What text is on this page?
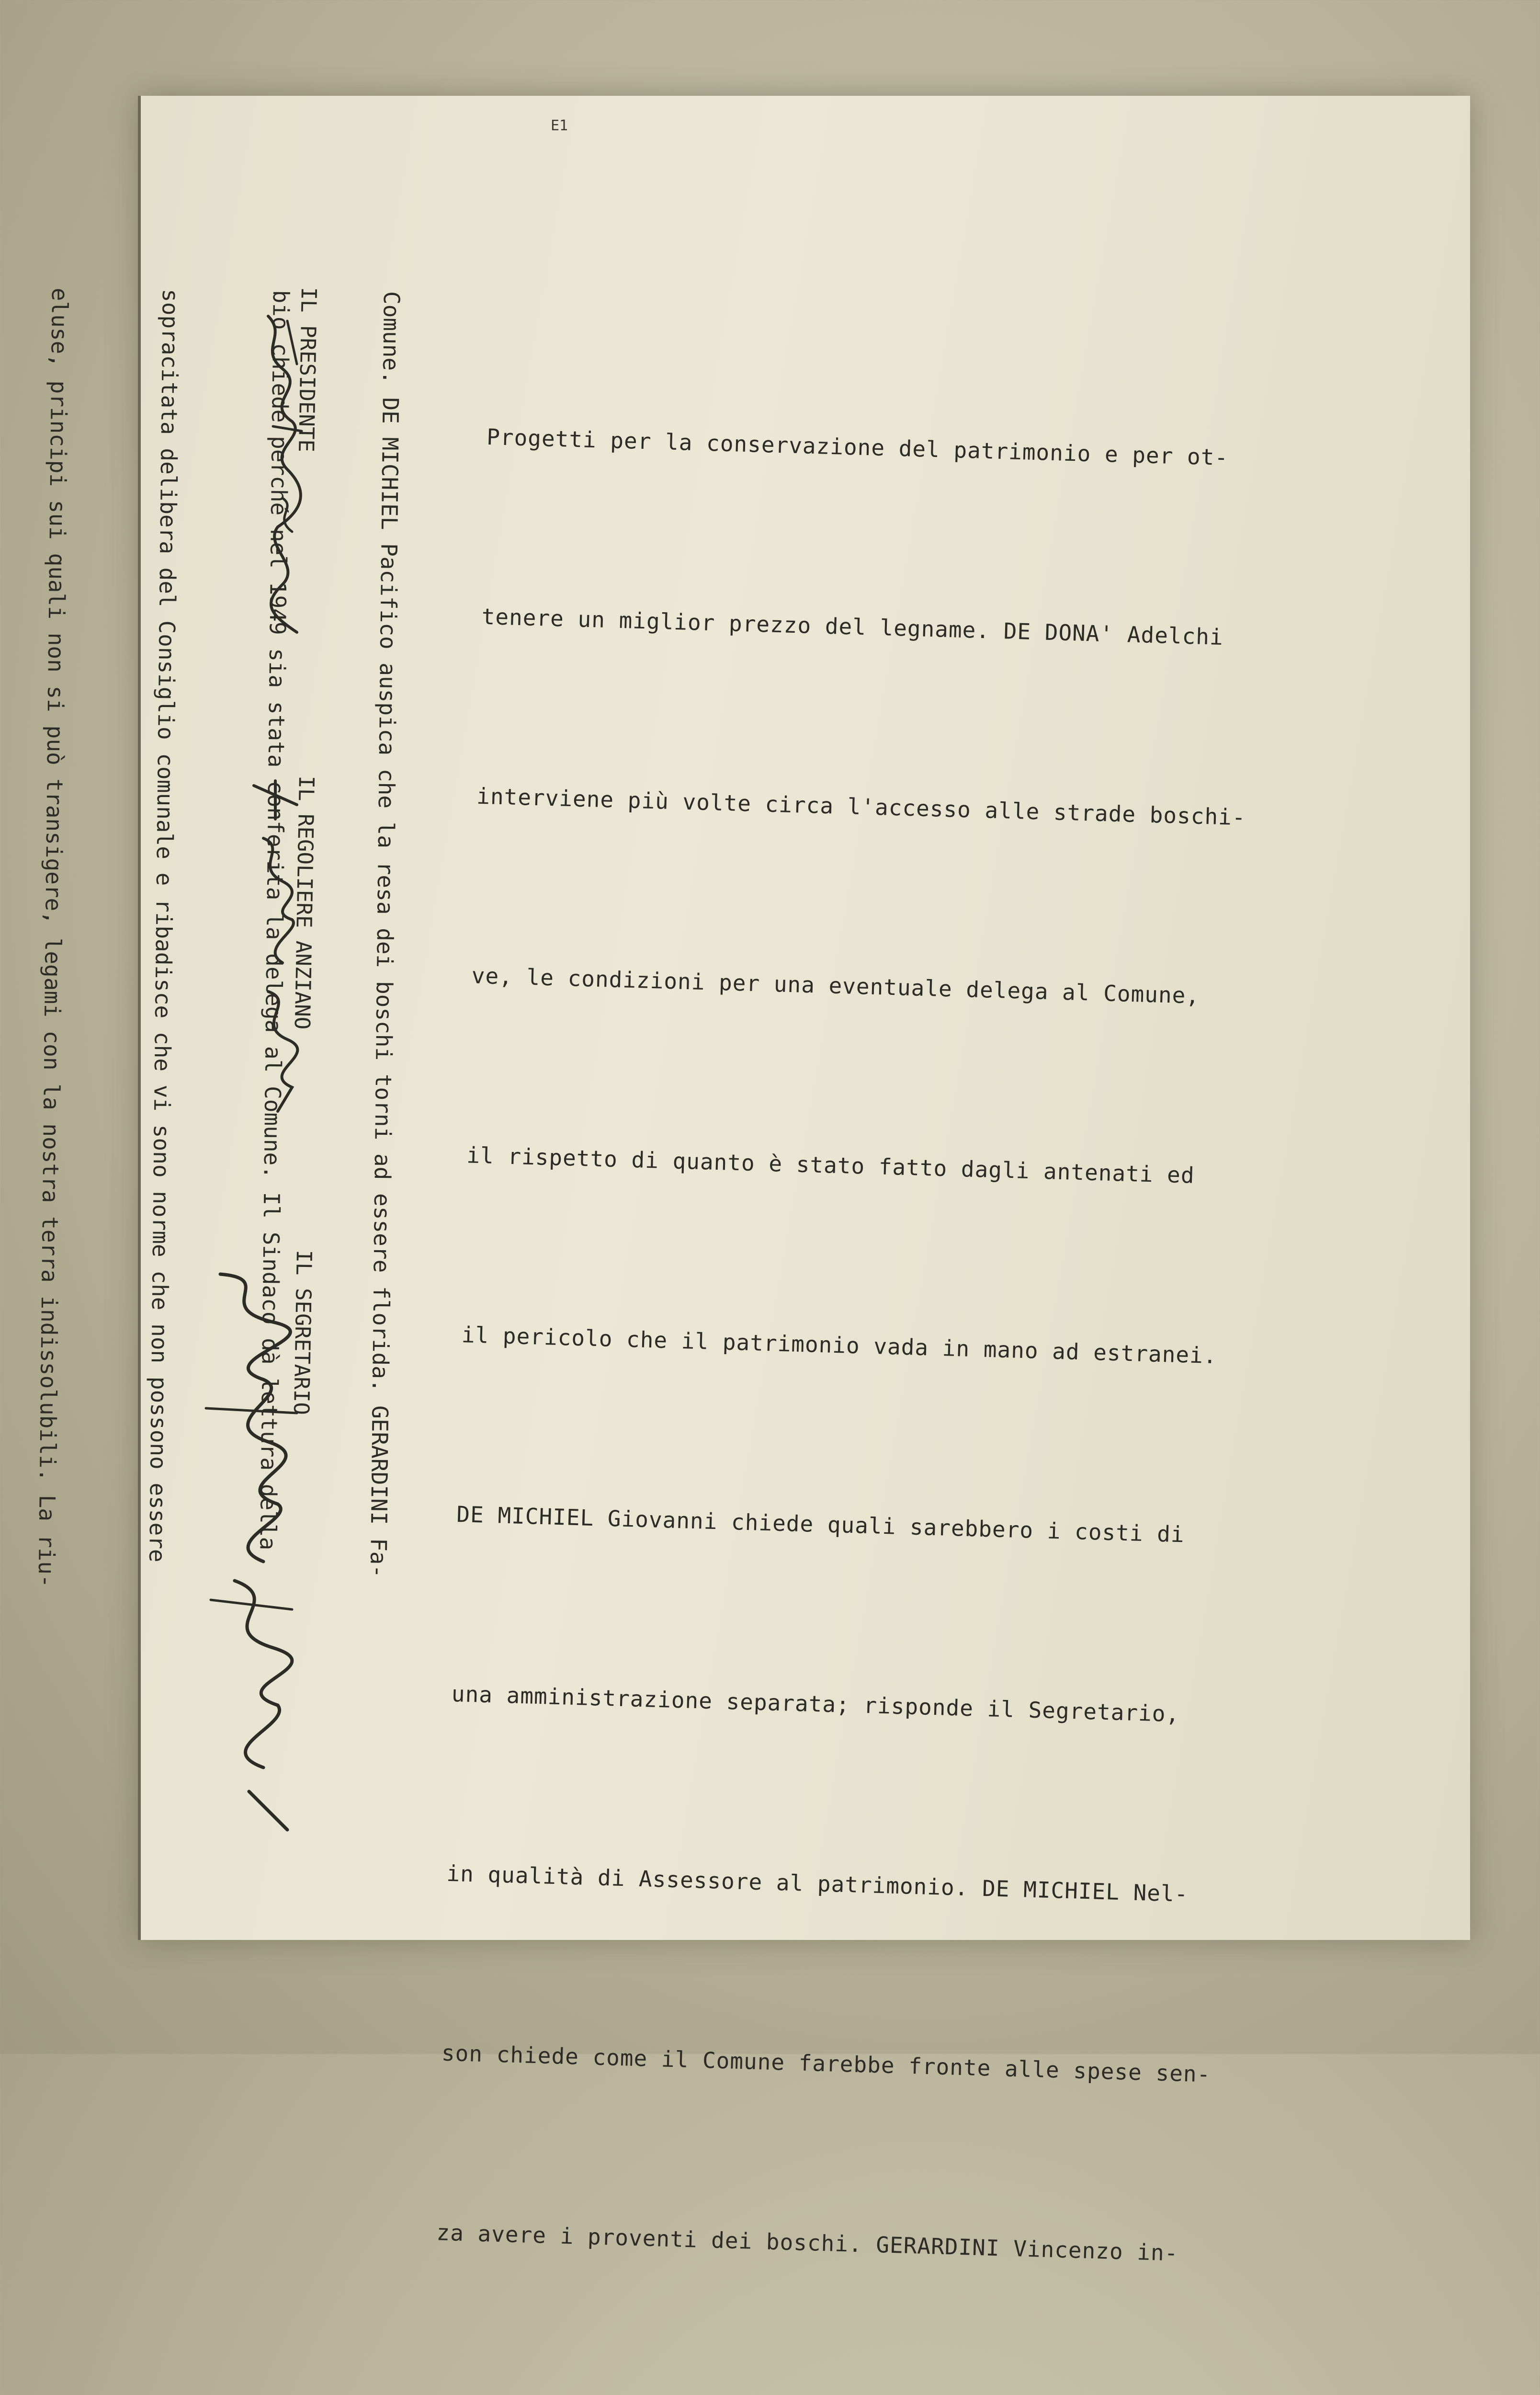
E1

Progetti per la conservazione del patrimonio e per ot-

tenere un miglior prezzo del legname. DE DONA' Adelchi

interviene più volte circa l'accesso alle strade boschi-

ve, le condizioni per una eventuale delega al Comune,

il rispetto di quanto è stato fatto dagli antenati ed

il pericolo che il patrimonio vada in mano ad estranei.

DE MICHIEL Giovanni chiede quali sarebbero i costi di

una amministrazione separata; risponde il Segretario,

in qualità di Assessore al patrimonio. DE MICHIEL Nel-

son chiede come il Comune farebbe fronte alle spese sen-

za avere i proventi dei boschi. GERARDINI Vincenzo in-

Comune. DE MICHIEL Pacifico auspica che la resa dei boschi torni ad essere florida. GERARDINI Fa-

bio chiede perché nel 1949 sia stata conferita la delega al Comune. Il Sindaco dà lettura della

sopracitata delibera del Consiglio comunale e ribadisce che vi sono norme che non possono essere

eluse, principi sui quali non si può transigere, legami con la nostra terra indissolubili. La riu-

	IL PRESIDENTE
IL REGOLIERE ANZIANO
IL SEGRETARIO
